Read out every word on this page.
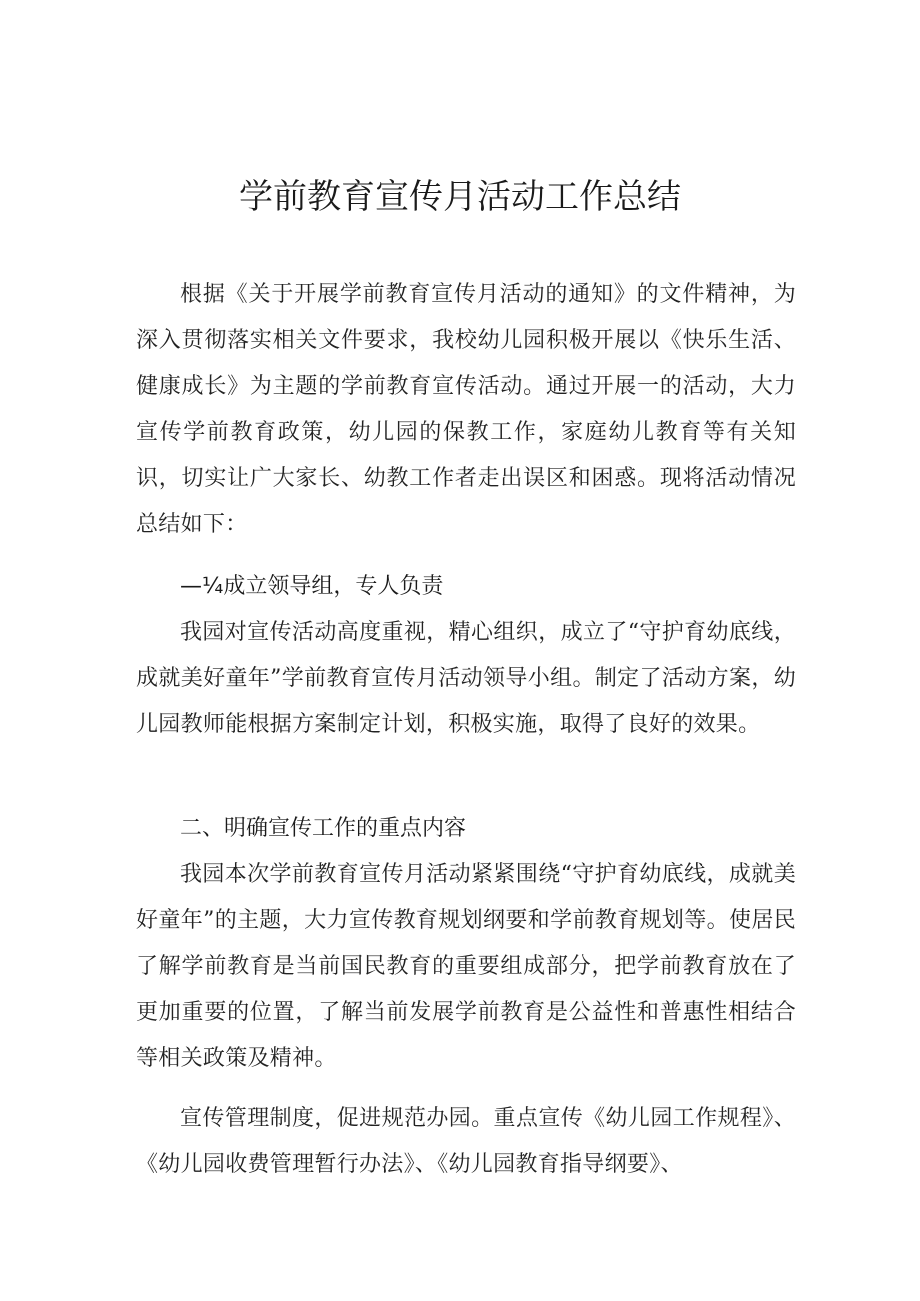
学前教育宣传月活动工作总结

根据《关于开展学前教育宣传月活动的通知》的文件精神，为深入贯彻落实相关文件要求，我校幼儿园积极开展以《快乐生活、健康成长》为主题的学前教育宣传活动。通过开展一的活动，大力宣传学前教育政策，幼儿园的保教工作，家庭幼儿教育等有关知识，切实让广大家长、幼教工作者走出误区和困惑。现将活动情况总结如下：

—¼成立领导组，专人负责

我园对宣传活动高度重视，精心组织，成立了“守护育幼底线，成就美好童年”学前教育宣传月活动领导小组。制定了活动方案，幼儿园教师能根据方案制定计划，积极实施，取得了良好的效果。

二、明确宣传工作的重点内容

我园本次学前教育宣传月活动紧紧围绕“守护育幼底线，成就美好童年”的主题，大力宣传教育规划纲要和学前教育规划等。使居民了解学前教育是当前国民教育的重要组成部分，把学前教育放在了更加重要的位置，了解当前发展学前教育是公益性和普惠性相结合等相关政策及精神。

宣传管理制度，促进规范办园。重点宣传《幼儿园工作规程》、《幼儿园收费管理暂行办法》、《幼儿园教育指导纲要》、
